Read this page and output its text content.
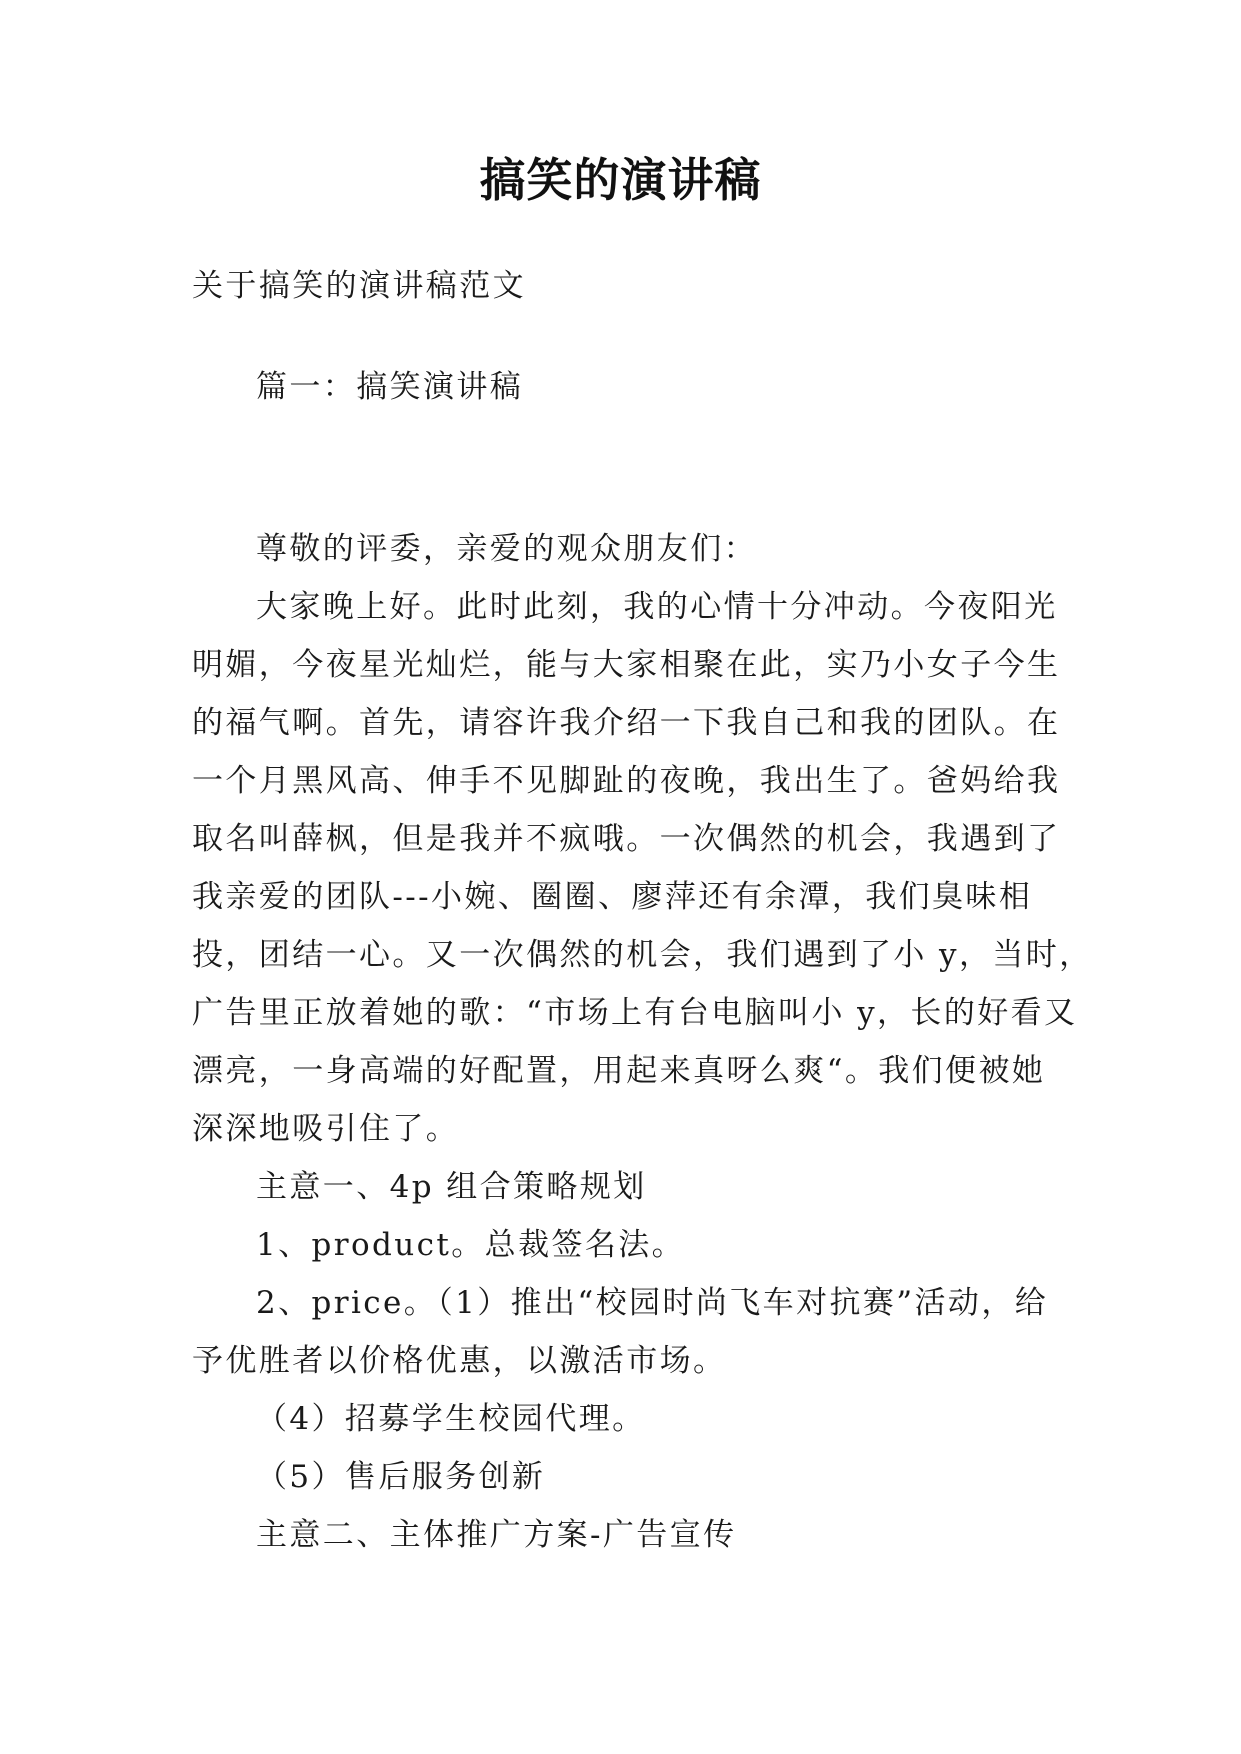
搞笑的演讲稿
关于搞笑的演讲稿范文
篇一：搞笑演讲稿
尊敬的评委，亲爱的观众朋友们：
大家晚上好。此时此刻，我的心情十分冲动。今夜阳光
明媚，今夜星光灿烂，能与大家相聚在此，实乃小女子今生
的福气啊。首先，请容许我介绍一下我自己和我的团队。在
一个月黑风高、伸手不见脚趾的夜晚，我出生了。爸妈给我
取名叫薛枫，但是我并不疯哦。一次偶然的机会，我遇到了
我亲爱的团队---小婉、圈圈、廖萍还有余潭，我们臭味相
投，团结一心。又一次偶然的机会，我们遇到了小 y，当时，
广告里正放着她的歌：“市场上有台电脑叫小 y，长的好看又
漂亮，一身高端的好配置，用起来真呀么爽“。我们便被她
深深地吸引住了。
主意一、4p 组合策略规划
1、product。总裁签名法。
2、price。（1）推出“校园时尚飞车对抗赛”活动，给
予优胜者以价格优惠，以激活市场。
（4）招募学生校园代理。
（5）售后服务创新
主意二、主体推广方案-广告宣传
